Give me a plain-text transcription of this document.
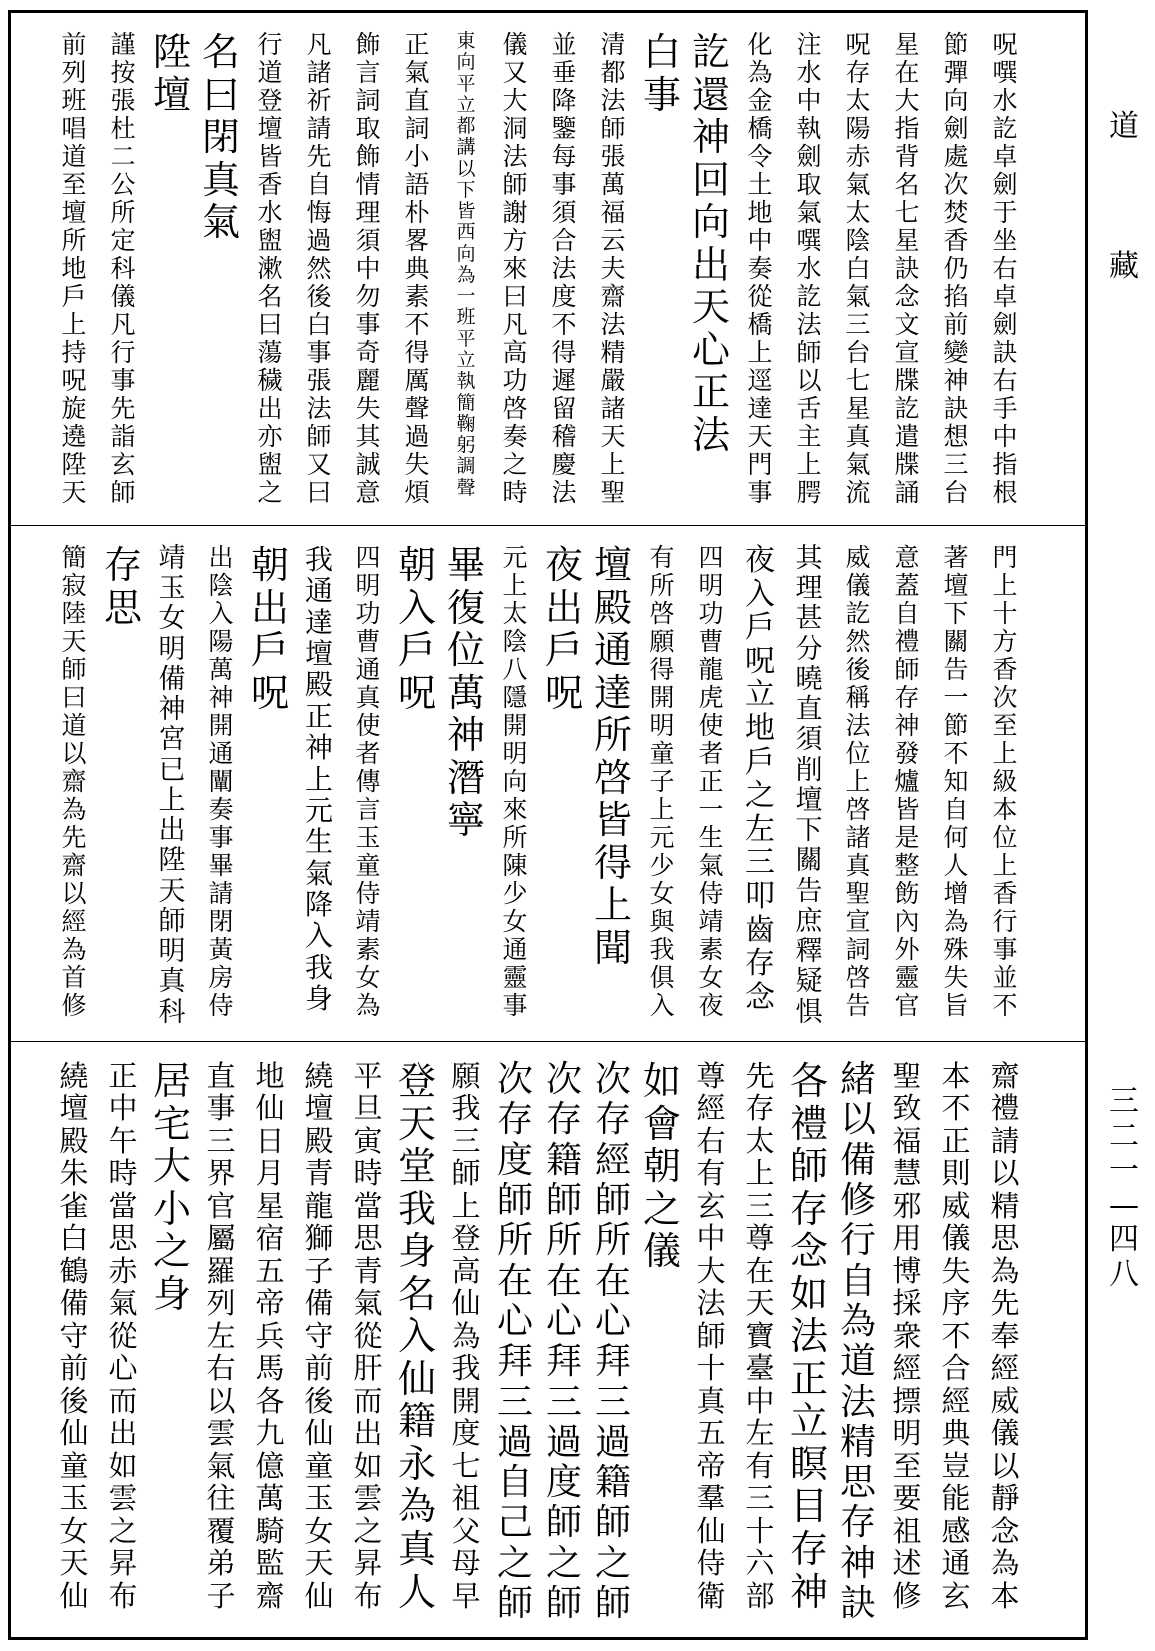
呪
噀
水
訖
卓
劍
于
坐
右
卓
劍
訣
右
手
中
指
根
節
彈
向
劍
處
次
焚
香
仍
掐
前
變
神
訣
想
三
台
星
在
大
指
背
名
七
星
訣
念
文
宣
牒
訖
遣
牒
誦
呪
存
太
陽
赤
氣
太
陰
白
氣
三
台
七
星
真
氣
流
注
水
中
執
劍
取
氣
噀
水
訖
法
師
以
舌
主
上
腭
化
為
金
橋
令
土
地
中
奏
從
橋
上
逕
達
天
門
事
訖
還
神
回
向
出
天
心
正
法
白
事
清
都
法
師
張
萬
福
云
夫
齋
法
精
嚴
諸
天
上
聖
並
垂
降
鑒
每
事
須
合
法
度
不
得
遲
留
稽
慶
法
儀
又
大
洞
法
師
謝
方
來
曰
凡
高
功
啓
奏
之
時
東
向
平
立
都
講
以
下
皆
西
向
為
一
班
平
立
執
簡
鞠
躬
調
聲
正
氣
直
詞
小
語
朴
畧
典
素
不
得
厲
聲
過
失
煩
飾
言
詞
取
飾
情
理
須
中
勿
事
奇
麗
失
其
誠
意
凡
諸
祈
請
先
自
悔
過
然
後
白
事
張
法
師
又
曰
行
道
登
壇
皆
香
水
盥
漱
名
曰
蕩
穢
出
亦
盥
之
名
曰
閉
真
氣
陞
壇
謹
按
張
杜
二
公
所
定
科
儀
凡
行
事
先
詣
玄
師
前
列
班
唱
道
至
壇
所
地
戶
上
持
呪
旋
遶
陞
天
門
上
十
方
香
次
至
上
級
本
位
上
香
行
事
並
不
著
壇
下
關
告
一
節
不
知
自
何
人
增
為
殊
失
旨
意
蓋
自
禮
師
存
神
發
爐
皆
是
整
飭
內
外
靈
官
威
儀
訖
然
後
稱
法
位
上
啓
諸
真
聖
宣
詞
啓
告
其
理
甚
分
曉
直
須
削
壇
下
關
告
庶
釋
疑
惧
夜
入
戶
呪
立
地
戶
之
左
三
叩
齒
存
念
四
明
功
曹
龍
虎
使
者
正
一
生
氣
侍
靖
素
女
夜
有
所
啓
願
得
開
明
童
子
上
元
少
女
與
我
俱
入
壇
殿
通
達
所
啓
皆
得
上
聞
夜
出
戶
呪
元
上
太
陰
八
隱
開
明
向
來
所
陳
少
女
通
靈
事
畢
復
位
萬
神
潛
寧
朝
入
戶
呪
四
明
功
曹
通
真
使
者
傳
言
玉
童
侍
靖
素
女
為
我
通
達
壇
殿
正
神
上
元
生
氣
降
入
我
身
朝
出
戶
呪
出
陰
入
陽
萬
神
開
通
闡
奏
事
畢
請
閉
黃
房
侍
靖
玉
女
明
備
神
宮
已
上
出
陞
天
師
明
真
科
存
思
簡
寂
陸
天
師
曰
道
以
齋
為
先
齋
以
經
為
首
修
齋
禮
請
以
精
思
為
先
奉
經
威
儀
以
靜
念
為
本
本
不
正
則
威
儀
失
序
不
合
經
典
豈
能
感
通
玄
聖
致
福
慧
邪
用
博
採
衆
經
摽
明
至
要
祖
述
修
緒
以
備
修
行
自
為
道
法
精
思
存
神
訣
各
禮
師
存
念
如
法
正
立
瞑
目
存
神
先
存
太
上
三
尊
在
天
寶
臺
中
左
有
三
十
六
部
尊
經
右
有
玄
中
大
法
師
十
真
五
帝
羣
仙
侍
衛
如
會
朝
之
儀
次
存
經
師
所
在
心
拜
三
過
籍
師
之
師
次
存
籍
師
所
在
心
拜
三
過
度
師
之
師
次
存
度
師
所
在
心
拜
三
過
自
己
之
師
願
我
三
師
上
登
高
仙
為
我
開
度
七
祖
父
母
早
登
天
堂
我
身
名
入
仙
籍
永
為
真
人
平
旦
寅
時
當
思
青
氣
從
肝
而
出
如
雲
之
昇
布
繞
壇
殿
青
龍
獅
子
備
守
前
後
仙
童
玉
女
天
仙
地
仙
日
月
星
宿
五
帝
兵
馬
各
九
億
萬
騎
監
齋
直
事
三
界
官
屬
羅
列
左
右
以
雲
氣
往
覆
弟
子
居
宅
大
小
之
身
正
中
午
時
當
思
赤
氣
從
心
而
出
如
雲
之
昇
布
繞
壇
殿
朱
雀
白
鶴
備
守
前
後
仙
童
玉
女
天
仙
道
藏
三
二
一
—
四
八
